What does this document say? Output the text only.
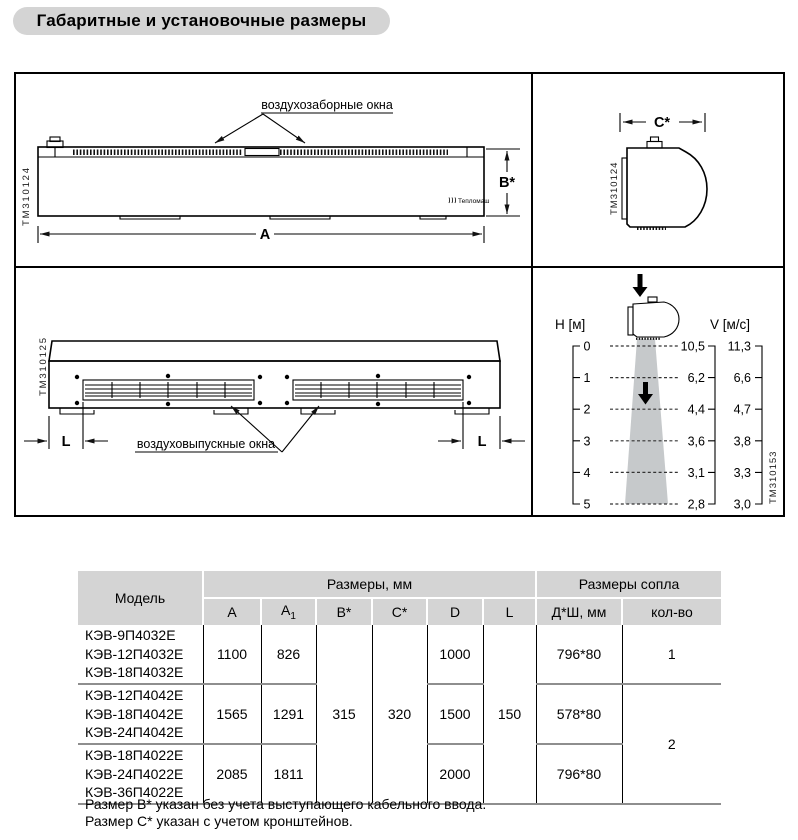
Габаритные и установочные размеры
воздухозаборные окна
Тепломаш
B*
A
ТМ310124
C*
ТМ310124
L	L
воздуховыпускные окна
ТМ310125
H [м]	V [м/с]
0
1
2
3
4
5
10,5
6,2
4,4
3,6
3,1
2,8
11,3
6,6
4,7
3,8
3,3
3,0
ТМ310153
Модель	Размеры, мм						Размеры сопла	
	A	$A_1$	B*	C*	D	L	Д*Ш, мм	кол-во

КЭВ-9П4032Е
КЭВ-12П4032Е
КЭВ-18П4032Е	1100	826	315	320	1000	150	796*80	1

КЭВ-12П4042Е
КЭВ-18П4042Е
КЭВ-24П4042Е	1565	1291			1500		578*80	2

КЭВ-18П4022Е
КЭВ-24П4022Е
КЭВ-36П4022Е	2085	1811			2000		796*80	
Размер B* указан без учета выступающего кабельного ввода.
Размер C* указан с учетом кронштейнов.
